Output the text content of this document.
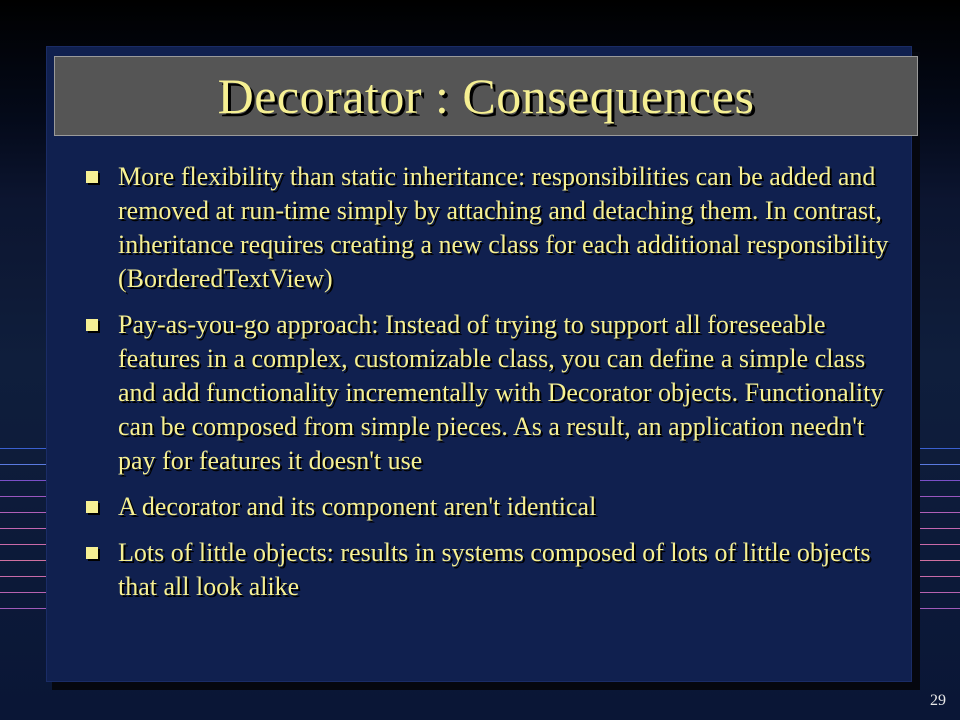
Decorator : Consequences
More flexibility than static inheritance: responsibilities can be added and removed at run-time simply by attaching and detaching them. In contrast, inheritance requires creating a new class for each additional responsibility (BorderedTextView)
Pay-as-you-go approach: Instead of trying to support all foreseeable features in a complex, customizable class, you can define a simple class and add functionality incrementally with Decorator objects. Functionality can be composed from simple pieces. As a result, an application needn't pay for features it doesn't use
A decorator and its component aren't identical
Lots of little objects: results in systems composed of lots of little objects that all look alike
29
